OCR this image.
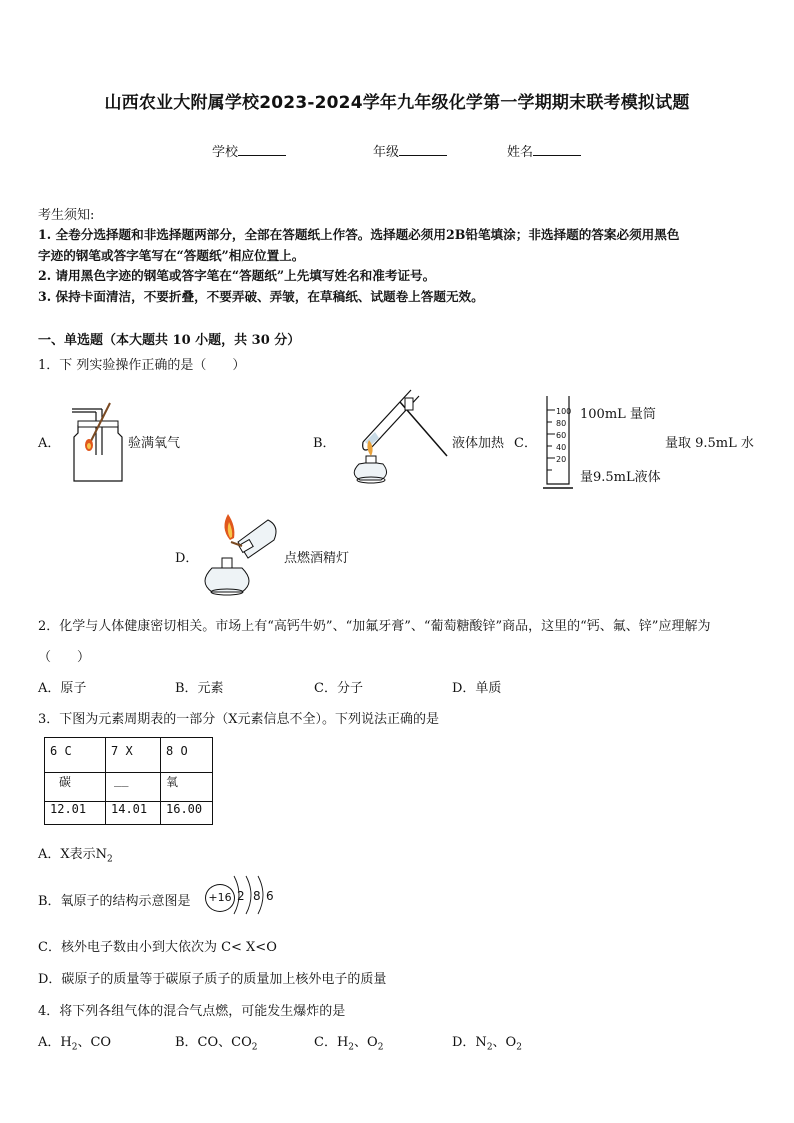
山西农业大附属学校2023-2024学年九年级化学第一学期期末联考模拟试题
学校	年级	姓名
考生须知:
1. 全卷分选择题和非选择题两部分，全部在答题纸上作答。选择题必须用2B铅笔填涂；非选择题的答案必须用黑色
字迹的钢笔或答字笔写在“答题纸”相应位置上。
2. 请用黑色字迹的钢笔或答字笔在“答题纸”上先填写姓名和准考证号。
3. 保持卡面清洁，不要折叠，不要弄破、弄皱，在草稿纸、试题卷上答题无效。
一、单选题（本大题共 10 小题，共 30 分）
1．下 列实验操作正确的是（　　）
A．	验满氧气	B．	液体加热 C．
100
80
60
40
20
100mL 量筒
量取 9.5mL 水
量9.5mL液体
D．	点燃酒精灯
2．化学与人体健康密切相关。市场上有“高钙牛奶”、“加氟牙膏”、“葡萄糖酸锌”商品，这里的“钙、氟、锌”应理解为
（　　）
A．原子	B．元素	C．分子	D．单质
3．下图为元素周期表的一部分（X元素信息不全）。下列说法正确的是
6 C	7 X	8 O
碳	__	氧
12.01	14.01	16.00
A．X表示$N_2$
B．氧原子的结构示意图是	+16 2 8 6
C．核外电子数由小到大依次为 C< X<O
D．碳原子的质量等于碳原子质子的质量加上核外电子的质量
4．将下列各组气体的混合气点燃，可能发生爆炸的是
A．$H_2$、CO	B．CO、$CO_2$	C．$H_2$、$O_2$	D．$N_2$、$O_2$
